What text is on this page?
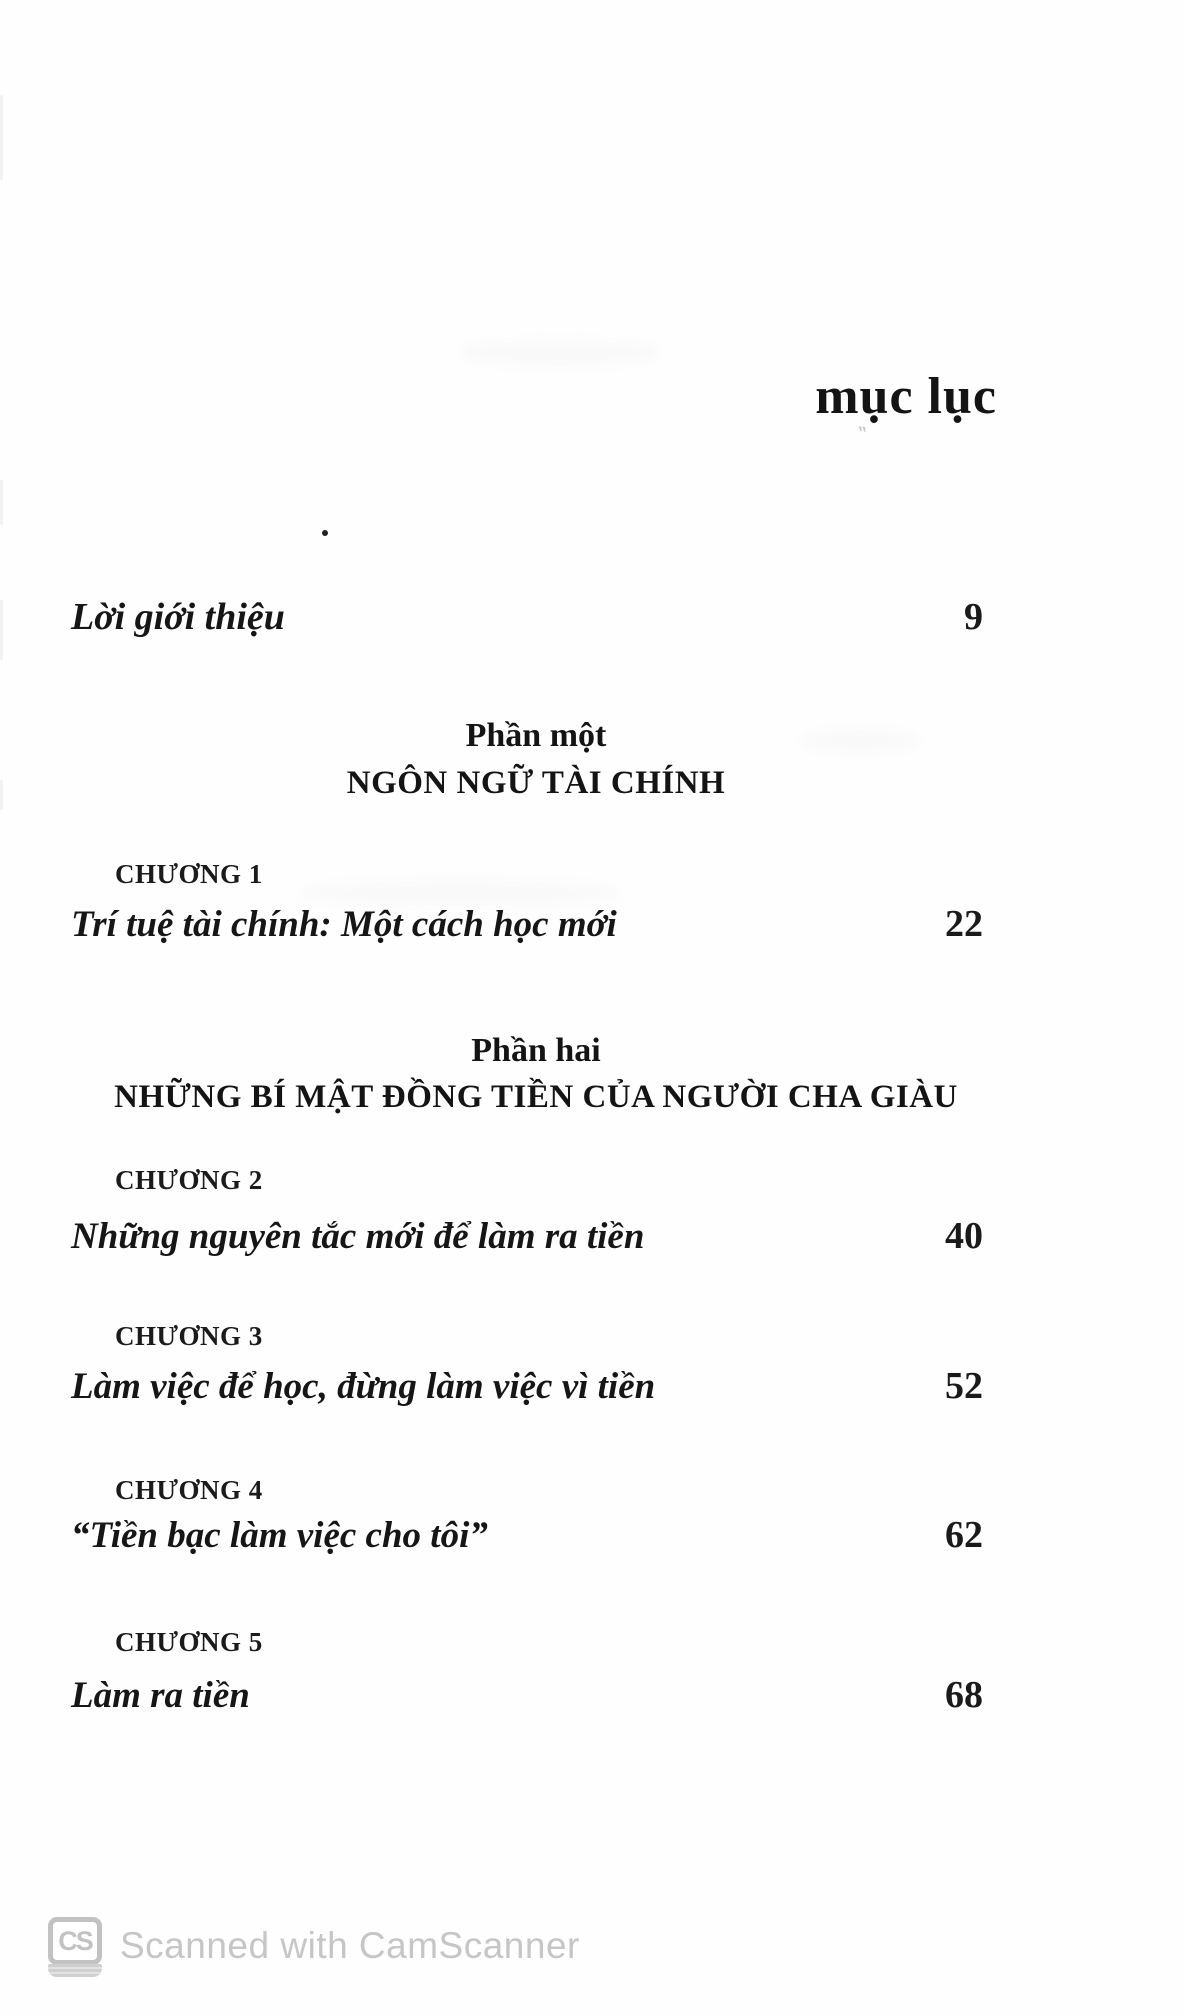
mục lục
‶
Lời giới thiệu	9
Phần một
NGÔN NGỮ TÀI CHÍNH
CHƯƠNG 1
Trí tuệ tài chính: Một cách học mới	22
Phần hai
NHỮNG BÍ MẬT ĐỒNG TIỀN CỦA NGƯỜI CHA GIÀU
CHƯƠNG 2
Những nguyên tắc mới để làm ra tiền	40
CHƯƠNG 3
Làm việc để học, đừng làm việc vì tiền	52
CHƯƠNG 4
“Tiền bạc làm việc cho tôi”	62
CHƯƠNG 5
Làm ra tiền	68
CS Scanned with CamScanner
